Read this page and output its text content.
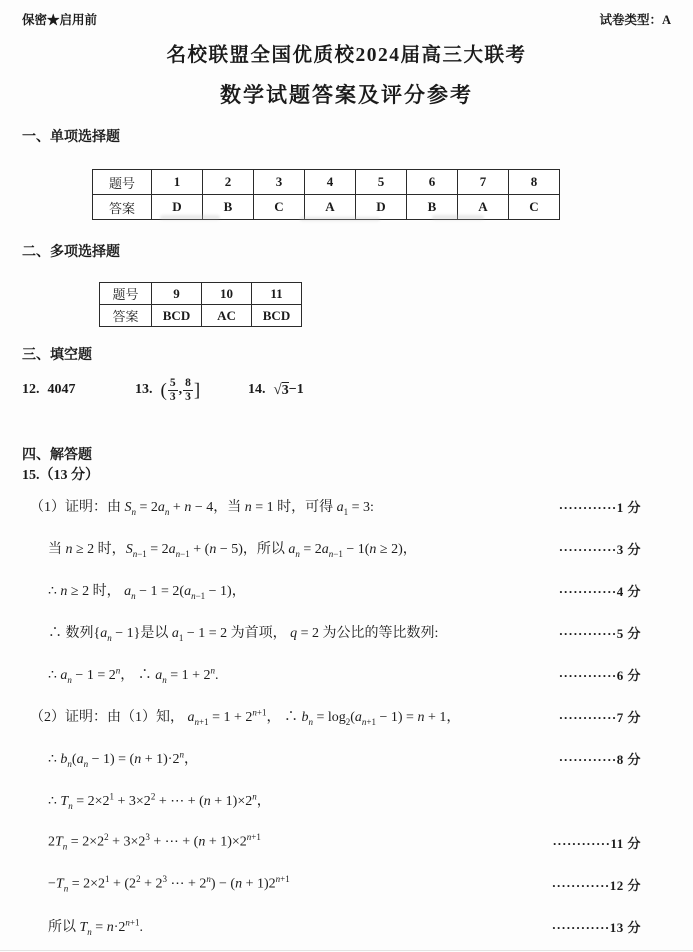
保密★启用前	试卷类型：A
名校联盟全国优质校2024届高三大联考
数学试题答案及评分参考
一、单项选择题
题号	1	2	3	4	5	6	7	8
答案	D	B	C	A	D	B	A	C
二、多项选择题
题号	9	10	11
答案	BCD	AC	BCD
三、填空题
12. 4047	13. ( $\frac{5}{3}$ , $\frac{8}{3}$ ]	14. √ 3 −1
四、解答题
15.（13 分）
（1）证明：由 $S_n = 2a_n + n - 4$，当 n = 1 时，可得 $a_1 = 3$:	············1 分
当 n ≥ 2 时，$S_{n-1} = 2a_{n-1} + (n - 5)$，所以 $a_n = 2a_{n-1} - 1(n \ge 2)$，	············3 分
∴ n ≥ 2 时， $a_n - 1 = 2(a_{n-1} - 1)$，	············4 分
∴ 数列$\{a_n - 1\}$是以 $a_1 - 1 = 2$ 为首项， q = 2 为公比的等比数列:	············5 分
∴ $a_n - 1 = 2^n$， ∴ $a_n = 1 + 2^n$.	············6 分
（2）证明：由（1）知， $a_{n+1} = 1 + 2^{n+1}$， ∴ $b_n = \log_2(a_{n+1} - 1) = n + 1$，	············7 分
∴ $b_n(a_n - 1) = (n + 1)\cdot 2^n$，	············8 分
∴ $T_n = 2\times 2^1 + 3\times 2^2$ + ⋯ + $(n + 1)\times 2^n$，
$2T_n = 2\times 2^2 + 3\times 2^3$ + ⋯ + $(n + 1)\times 2^{n+1}$	············11 分
$-T_n = 2\times 2^1 + (2^2 + 2^3$ ⋯ + $2^n) - (n + 1)2^{n+1}$	············12 分
所以 $T_n = n\cdot 2^{n+1}$.	············13 分
